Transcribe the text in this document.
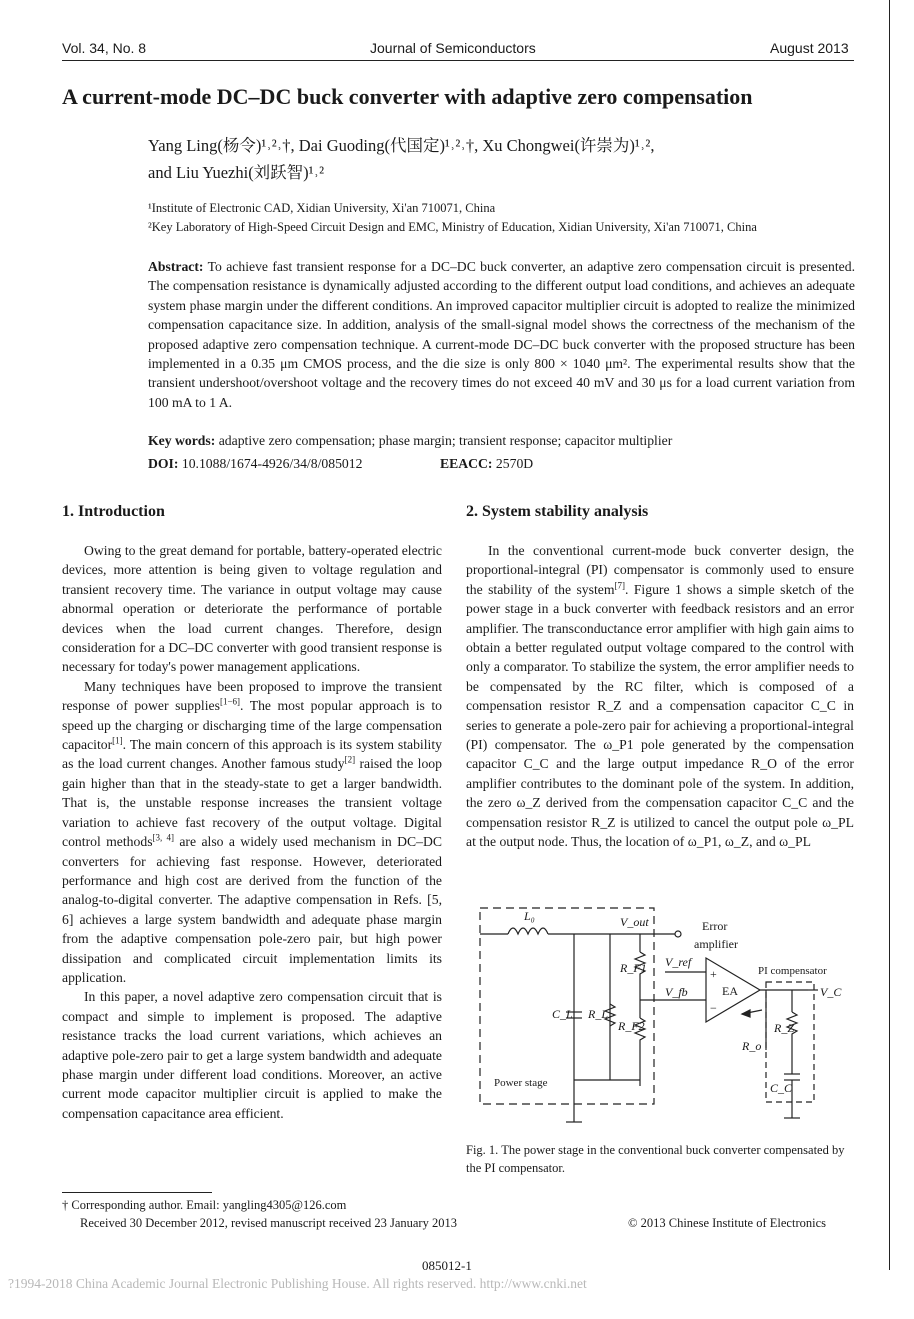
Vol. 34, No. 8	Journal of Semiconductors	August 2013
A current-mode DC–DC buck converter with adaptive zero compensation
Yang Ling(杨令)¹˒²˒†, Dai Guoding(代国定)¹˒²˒†, Xu Chongwei(许崇为)¹˒²,
and Liu Yuezhi(刘跃智)¹˒²
¹Institute of Electronic CAD, Xidian University, Xi'an 710071, China
²Key Laboratory of High-Speed Circuit Design and EMC, Ministry of Education, Xidian University, Xi'an 710071, China
Abstract: To achieve fast transient response for a DC–DC buck converter, an adaptive zero compensation circuit is presented. The compensation resistance is dynamically adjusted according to the different output load conditions, and achieves an adequate system phase margin under the different conditions. An improved capacitor multiplier circuit is adopted to realize the minimized compensation capacitance size. In addition, analysis of the small-signal model shows the correctness of the mechanism of the proposed adaptive zero compensation technique. A current-mode DC–DC buck converter with the proposed structure has been implemented in a 0.35 μm CMOS process, and the die size is only 800 × 1040 μm². The experimental results show that the transient undershoot/overshoot voltage and the recovery times do not exceed 40 mV and 30 μs for a load current variation from 100 mA to 1 A.
Key words: adaptive zero compensation; phase margin; transient response; capacitor multiplier
DOI: 10.1088/1674-4926/34/8/085012	EEACC: 2570D
1. Introduction	2. System stability analysis

Owing to the great demand for portable, battery-operated electric devices, more attention is being given to voltage regulation and transient recovery time. The variance in output voltage may cause abnormal operation or deteriorate the performance of portable devices when the load current changes. Therefore, design consideration for a DC–DC converter with good transient response is necessary for today's power management applications.

Many techniques have been proposed to improve the transient response of power supplies[1−6]. The most popular approach is to speed up the charging or discharging time of the large compensation capacitor[1]. The main concern of this approach is its system stability as the load current changes. Another famous study[2] raised the loop gain higher than that in the steady-state to get a larger bandwidth. That is, the unstable response increases the transient voltage variation to achieve fast recovery of the output voltage. Digital control methods[3, 4] are also a widely used mechanism in DC–DC converters for achieving fast response. However, deteriorated performance and high cost are derived from the function of the analog-to-digital converter. The adaptive compensation in Refs. [5, 6] achieves a large system bandwidth and adequate phase margin from the adaptive compensation pole-zero pair, but high power dissipation and complicated circuit implementation limits its application.

In this paper, a novel adaptive zero compensation circuit that is compact and simple to implement is proposed. The adaptive resistance tracks the load current variations, which achieves an adaptive pole-zero pair to get a large system bandwidth and adequate phase margin under different load conditions. Moreover, an active current mode capacitor multiplier circuit is applied to make the compensation capacitance area efficient.

In the conventional current-mode buck converter design, the proportional-integral (PI) compensator is commonly used to ensure the stability of the system[7]. Figure 1 shows a simple sketch of the power stage in a buck converter with feedback resistors and an error amplifier. The transconductance error amplifier with high gain aims to obtain a better regulated output voltage compared to the control with only a comparator. To stabilize the system, the error amplifier needs to be compensated by the RC filter, which is composed of a compensation resistor R_Z and a compensation capacitor C_C in series to generate a pole-zero pair for achieving a proportional-integral (PI) compensator. The ω_P1 pole generated by the compensation capacitor C_C and the large output impedance R_O of the error amplifier contributes to the dominant pole of the system. In addition, the zero ω_Z derived from the compensation capacitor C_C and the compensation resistor R_Z is utilized to cancel the output pole ω_PL at the output node. Thus, the location of ω_P1, ω_Z, and ω_PL

L₀	V_out	Error
amplifier
V_ref
V_fb
+
−
EA
R_F1
R_F2
C_L R_L
R_o
R_Z
C_C
V_C
PI compensator
Power stage
Fig. 1. The power stage in the conventional buck converter compensated by the PI compensator.
† Corresponding author. Email: yangling4305@126.com
Received 30 December 2012, revised manuscript received 23 January 2013	© 2013 Chinese Institute of Electronics
085012-1
?1994-2018 China Academic Journal Electronic Publishing House. All rights reserved. http://www.cnki.net
